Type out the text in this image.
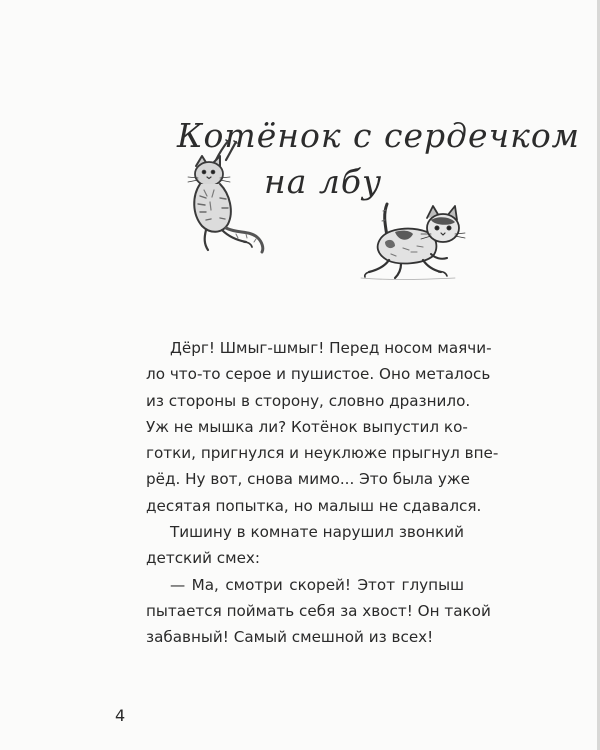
Котёнок с сердечком
на лбу
Дёрг! Шмыг-шмыг! Перед носом маячи-
ло что-то серое и пушистое. Оно металось
из стороны в сторону, словно дразнило.
Уж не мышка ли? Котёнок выпустил ко-
готки, пригнулся и неуклюже прыгнул впе-
рёд. Ну вот, снова мимо... Это была уже
десятая попытка, но малыш не сдавался.
Тишину в комнате нарушил звонкий
детский смех:
— Ма, смотри скорей! Этот глупыш
пытается поймать себя за хвост! Он такой
забавный! Самый смешной из всех!
4
